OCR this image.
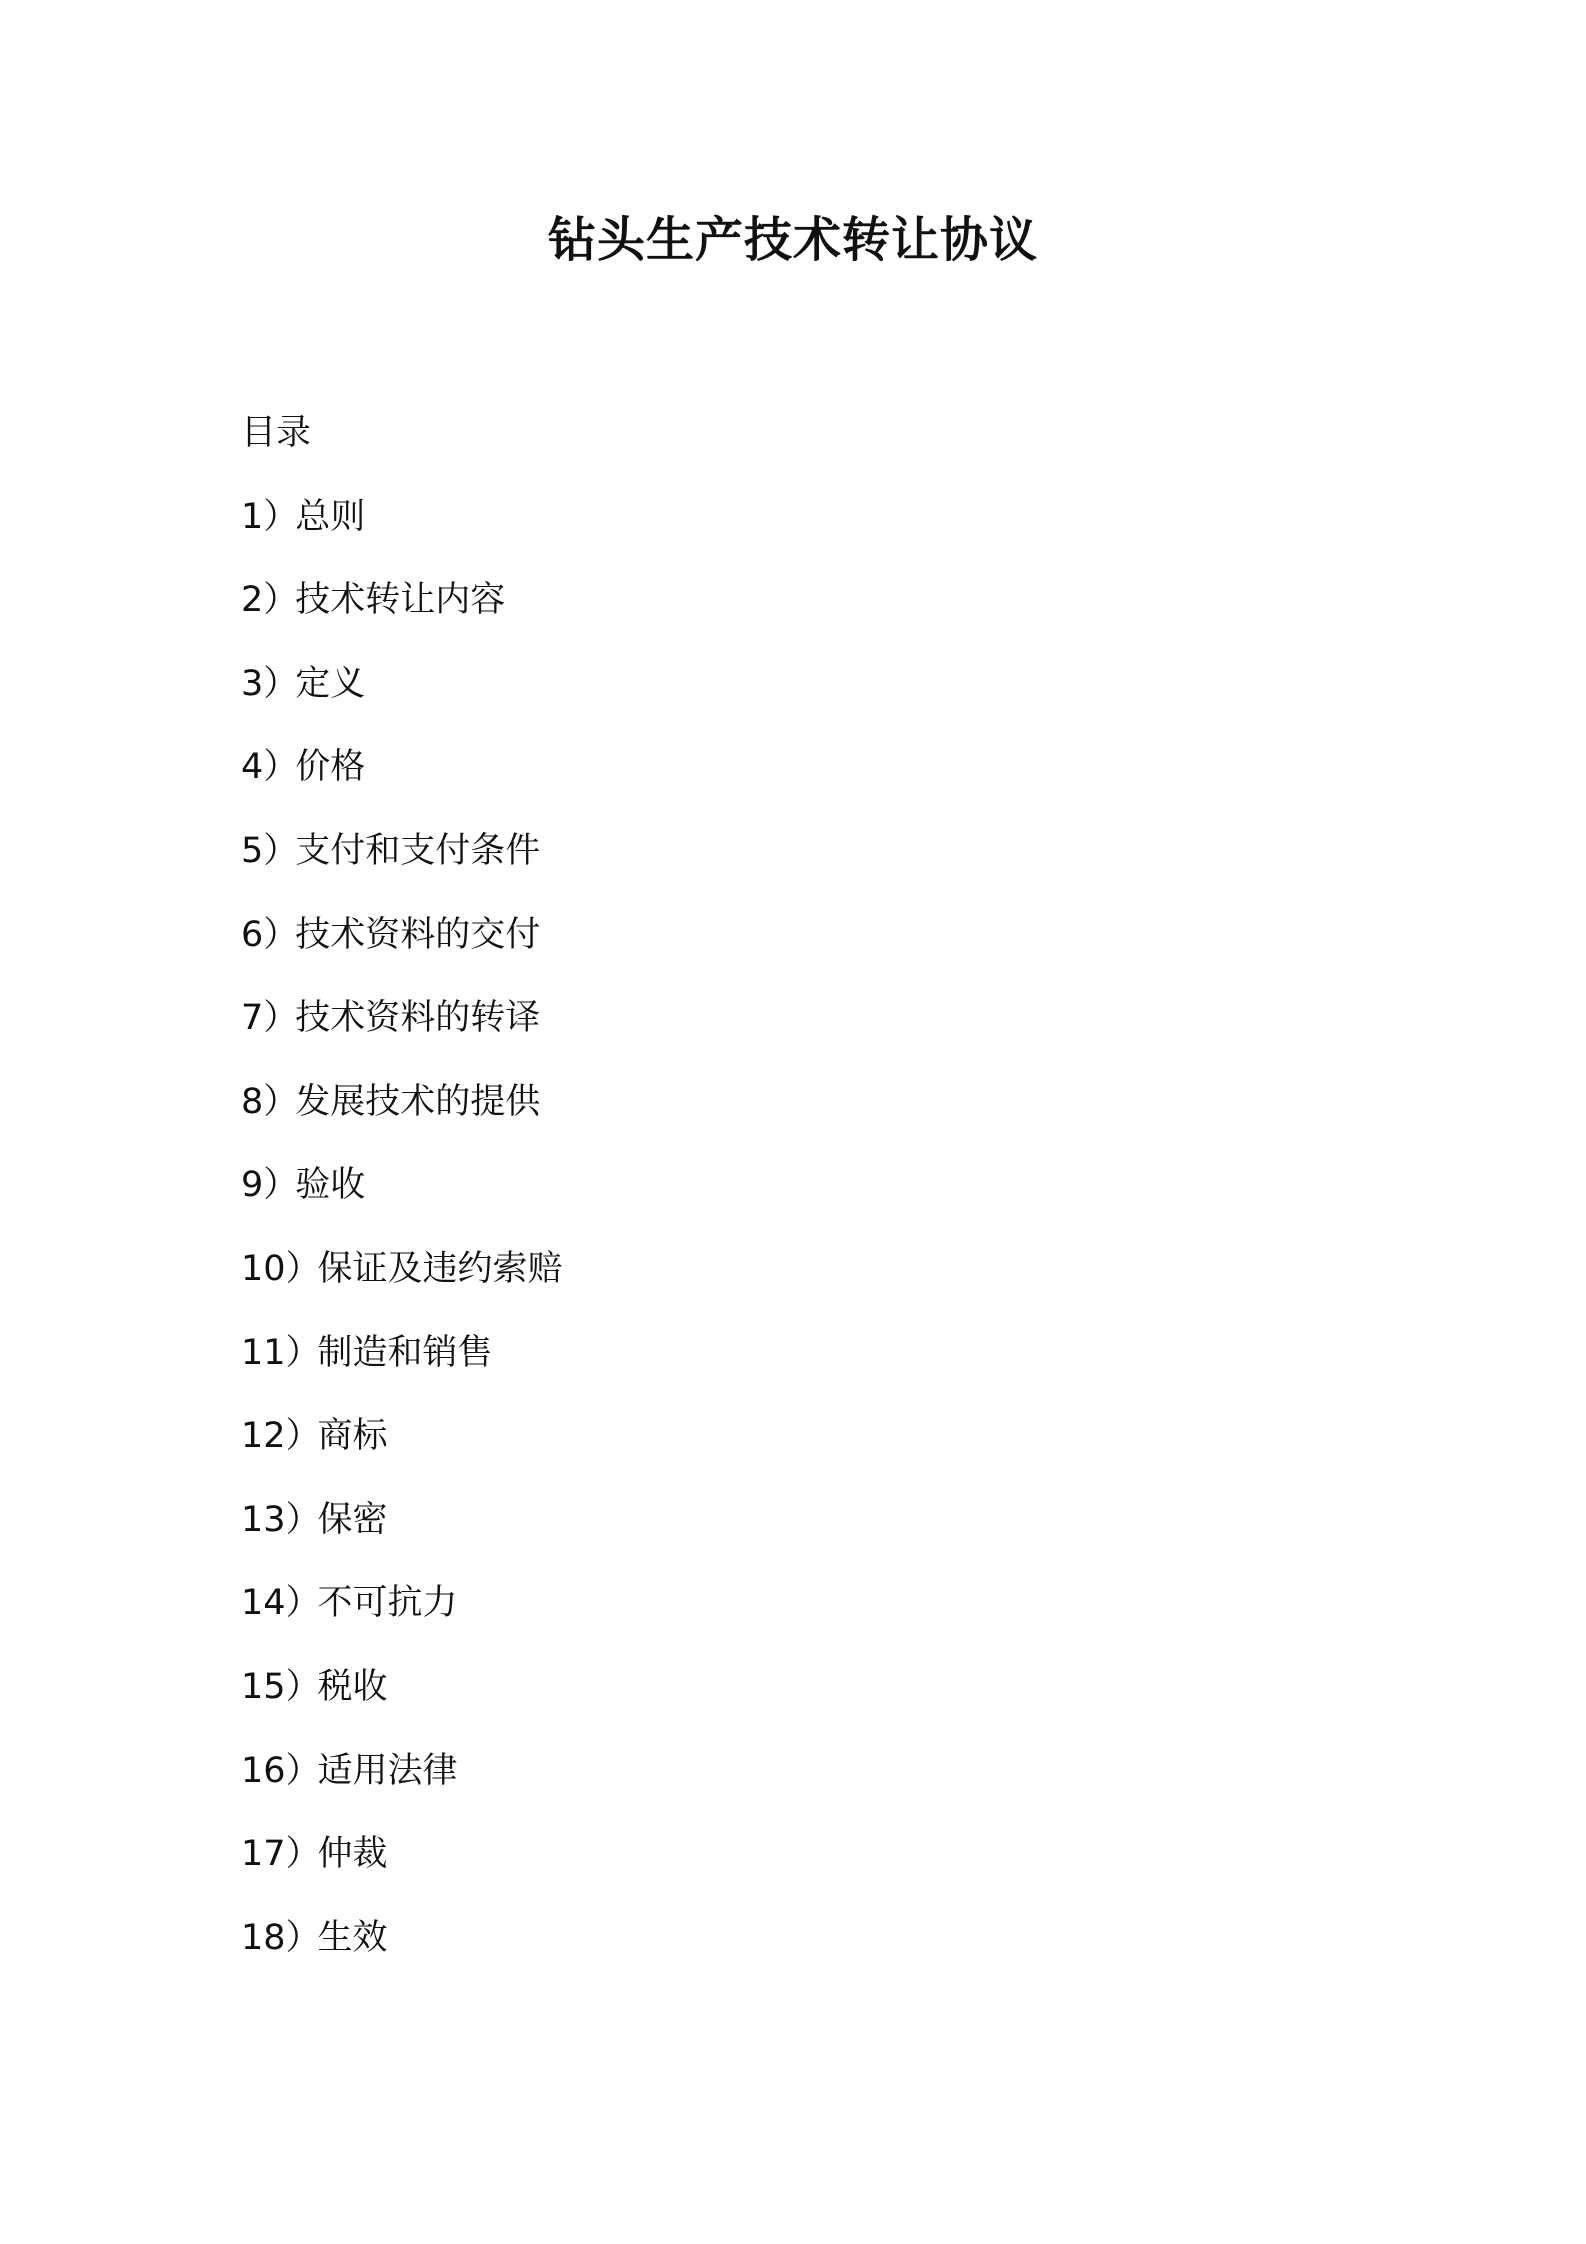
钻头生产技术转让协议
目录
1）总则
2）技术转让内容
3）定义
4）价格
5）支付和支付条件
6）技术资料的交付
7）技术资料的转译
8）发展技术的提供
9）验收
10）保证及违约索赔
11）制造和销售
12）商标
13）保密
14）不可抗力
15）税收
16）适用法律
17）仲裁
18）生效
